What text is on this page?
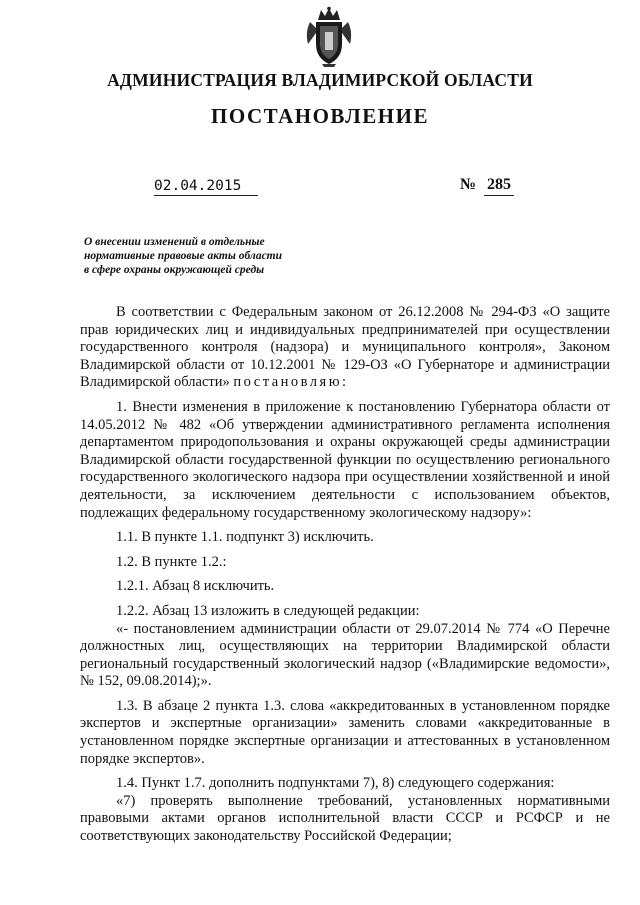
АДМИНИСТРАЦИЯ ВЛАДИМИРСКОЙ ОБЛАСТИ
ПОСТАНОВЛЕНИЕ
02.04.2015	№ 285
О внесении изменений в отдельные
нормативные правовые акты области
в сфере охраны окружающей среды

В соответствии с Федеральным законом от 26.12.2008 № 294-ФЗ «О защите прав юридических лиц и индивидуальных предпринимателей при осуществлении государственного контроля (надзора) и муниципального контроля», Законом Владимирской области от 10.12.2001 № 129-ОЗ «О Губернаторе и администрации Владимирской области» постановляю:

1. Внести изменения в приложение к постановлению Губернатора области от 14.05.2012 № 482 «Об утверждении административного регламента исполнения департаментом природопользования и охраны окружающей среды администрации Владимирской области государственной функции по осуществлению регионального государственного экологического надзора при осуществлении хозяйственной и иной деятельности, за исключением деятельности с использованием объектов, подлежащих федеральному государственному экологическому надзору»:

1.1. В пункте 1.1. подпункт 3) исключить.

1.2. В пункте 1.2.:

1.2.1. Абзац 8 исключить.

1.2.2. Абзац 13 изложить в следующей редакции:

«- постановлением администрации области от 29.07.2014 № 774 «О Перечне должностных лиц, осуществляющих на территории Владимирской области региональный государственный экологический надзор («Владимирские ведомости», № 152, 09.08.2014);».

1.3. В абзаце 2 пункта 1.3. слова «аккредитованных в установленном порядке экспертов и экспертные организации» заменить словами «аккредитованные в установленном порядке экспертные организации и аттестованных в установленном порядке экспертов».

1.4. Пункт 1.7. дополнить подпунктами 7), 8) следующего содержания:

«7) проверять выполнение требований, установленных нормативными правовыми актами органов исполнительной власти СССР и РСФСР и не соответствующих законодательству Российской Федерации;
